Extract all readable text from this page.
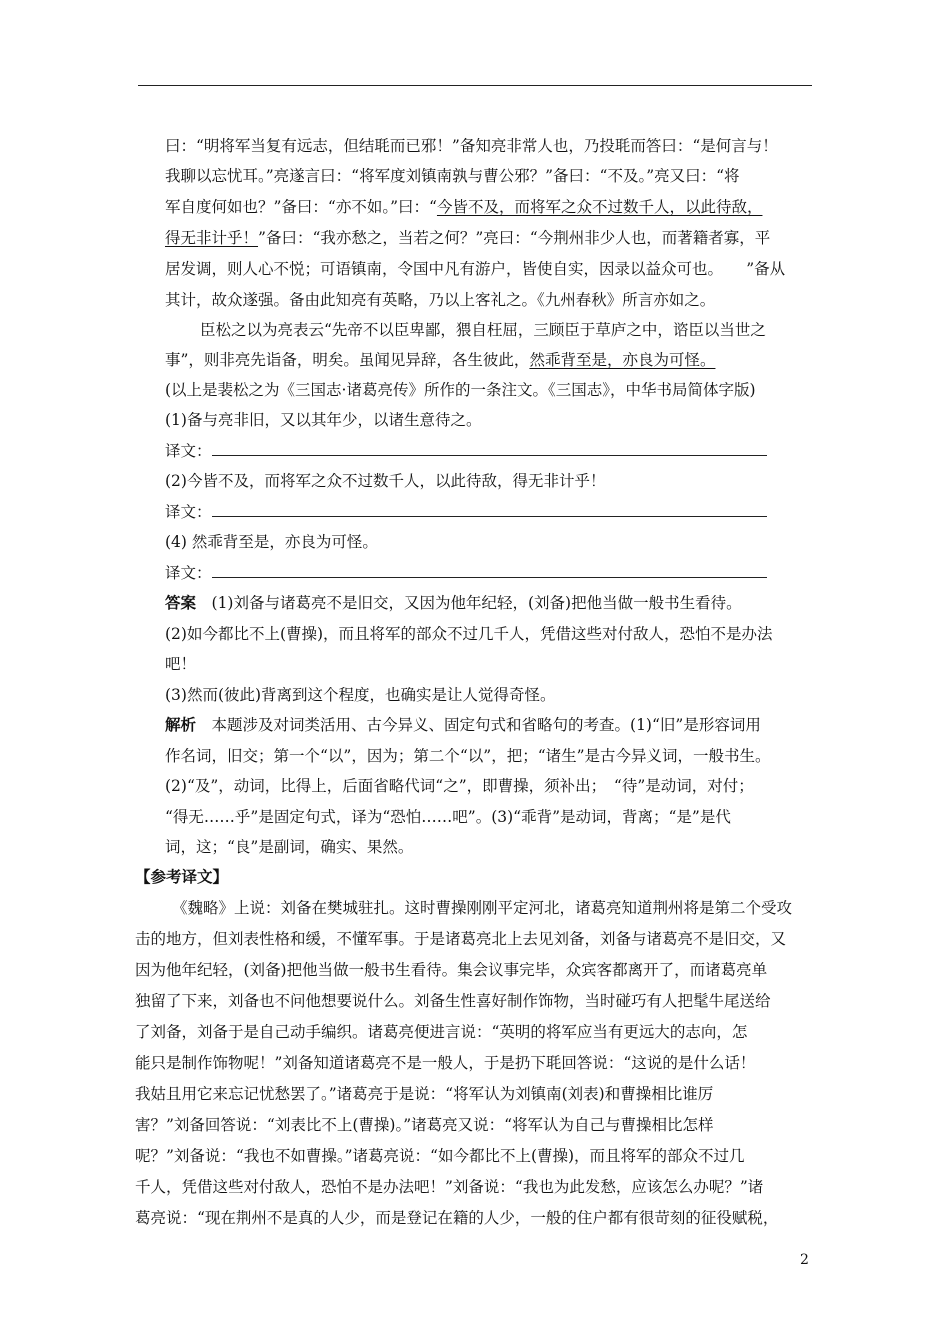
曰：“明将军当复有远志，但结毦而已邪！”备知亮非常人也，乃投毦而答曰：“是何言与！
我聊以忘忧耳。”亮遂言曰：“将军度刘镇南孰与曹公邪？”备曰：“不及。”亮又曰：“将
军自度何如也？”备曰：“亦不如。”曰：“今皆不及，而将军之众不过数千人，以此待敌，
得无非计乎！”备曰：“我亦愁之，当若之何？”亮曰：“今荆州非少人也，而著籍者寡，平
居发调，则人心不悦；可语镇南，令国中凡有游户，皆使自实，因录以益众可也。　　”备从
其计，故众遂强。备由此知亮有英略，乃以上客礼之。《九州春秋》所言亦如之。
臣松之以为亮表云“先帝不以臣卑鄙，猥自枉屈，三顾臣于草庐之中，谘臣以当世之
事”，则非亮先诣备，明矣。虽闻见异辞，各生彼此，然乖背至是，亦良为可怪。
(以上是裴松之为《三国志·诸葛亮传》所作的一条注文。《三国志》，中华书局简体字版)
(1)备与亮非旧，又以其年少，以诸生意待之。
译文：
(2)今皆不及，而将军之众不过数千人，以此待敌，得无非计乎！
译文：
(4) 然乖背至是，亦良为可怪。
译文：
答案　(1)刘备与诸葛亮不是旧交，又因为他年纪轻，(刘备)把他当做一般书生看待。
(2)如今都比不上(曹操)，而且将军的部众不过几千人，凭借这些对付敌人，恐怕不是办法
吧！
(3)然而(彼此)背离到这个程度，也确实是让人觉得奇怪。
解析　本题涉及对词类活用、古今异义、固定句式和省略句的考查。(1)“旧”是形容词用
作名词，旧交；第一个“以”，因为；第二个“以”，把；“诸生”是古今异义词，一般书生。
(2)“及”，动词，比得上，后面省略代词“之”，即曹操，须补出；　“待”是动词，对付；
“得无……乎”是固定句式，译为“恐怕……吧”。(3)“乖背”是动词，背离；“是”是代
词，这；“良”是副词，确实、果然。
【参考译文】
《魏略》上说：刘备在樊城驻扎。这时曹操刚刚平定河北，诸葛亮知道荆州将是第二个受攻
击的地方，但刘表性格和缓，不懂军事。于是诸葛亮北上去见刘备，刘备与诸葛亮不是旧交，又
因为他年纪轻，(刘备)把他当做一般书生看待。集会议事完毕，众宾客都离开了，而诸葛亮单
独留了下来，刘备也不问他想要说什么。刘备生性喜好制作饰物，当时碰巧有人把髦牛尾送给
了刘备，刘备于是自己动手编织。诸葛亮便进言说：“英明的将军应当有更远大的志向，怎
能只是制作饰物呢！”刘备知道诸葛亮不是一般人，于是扔下毦回答说：“这说的是什么话！
我姑且用它来忘记忧愁罢了。”诸葛亮于是说：“将军认为刘镇南(刘表)和曹操相比谁厉
害？”刘备回答说：“刘表比不上(曹操)。”诸葛亮又说：“将军认为自己与曹操相比怎样
呢？”刘备说：“我也不如曹操。”诸葛亮说：“如今都比不上(曹操)，而且将军的部众不过几
千人，凭借这些对付敌人，恐怕不是办法吧！”刘备说：“我也为此发愁，应该怎么办呢？”诸
葛亮说：“现在荆州不是真的人少，而是登记在籍的人少，一般的住户都有很苛刻的征役赋税，
2
